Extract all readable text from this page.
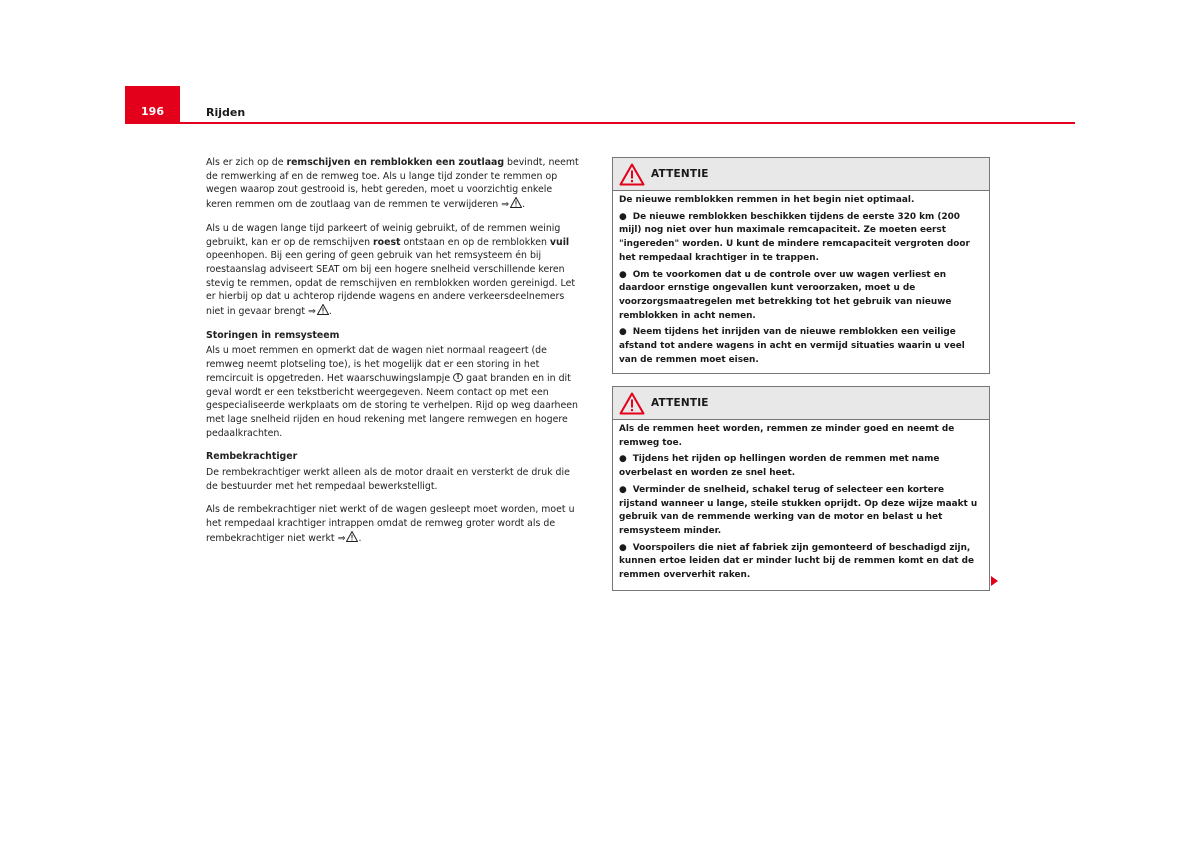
196	Rijden

Als er zich op de remschijven en remblokken een zoutlaag bevindt, neemt de remwerking af en de remweg toe. Als u lange tijd zonder te remmen op wegen waarop zout gestrooid is, hebt gereden, moet u voorzichtig enkele keren remmen om de zoutlaag van de remmen te verwijderen ⇒ .

Als u de wagen lange tijd parkeert of weinig gebruikt, of de remmen weinig gebruikt, kan er op de remschijven roest ontstaan en op de remblokken vuil opeenhopen. Bij een gering of geen gebruik van het remsysteem én bij roestaanslag adviseert SEAT om bij een hogere snelheid verschillende keren stevig te remmen, opdat de remschijven en remblokken worden gereinigd. Let er hierbij op dat u achterop rijdende wagens en andere verkeersdeelnemers niet in gevaar brengt ⇒ .

Storingen in remsysteem

Als u moet remmen en opmerkt dat de wagen niet normaal reageert (de remweg neemt plotseling toe), is het mogelijk dat er een storing in het remcircuit is opgetreden. Het waarschuwingslampje ! gaat branden en in dit geval wordt er een tekstbericht weergegeven. Neem contact op met een gespecialiseerde werkplaats om de storing te verhelpen. Rijd op weg daarheen met lage snelheid rijden en houd rekening met langere remwegen en hogere pedaalkrachten.

Rembekrachtiger

De rembekrachtiger werkt alleen als de motor draait en versterkt de druk die de bestuurder met het rempedaal bewerkstelligt.

Als de rembekrachtiger niet werkt of de wagen gesleept moet worden, moet u het rempedaal krachtiger intrappen omdat de remweg groter wordt als de rembekrachtiger niet werkt ⇒ .

ATTENTIE

De nieuwe remblokken remmen in het begin niet optimaal.

● De nieuwe remblokken beschikken tijdens de eerste 320 km (200 mijl) nog niet over hun maximale remcapaciteit. Ze moeten eerst "ingereden" worden. U kunt de mindere remcapaciteit vergroten door het rempedaal krachtiger in te trappen.

● Om te voorkomen dat u de controle over uw wagen verliest en daardoor ernstige ongevallen kunt veroorzaken, moet u de voorzorgsmaatregelen met betrekking tot het gebruik van nieuwe remblokken in acht nemen.

● Neem tijdens het inrijden van de nieuwe remblokken een veilige afstand tot andere wagens in acht en vermijd situaties waarin u veel van de remmen moet eisen.

ATTENTIE

Als de remmen heet worden, remmen ze minder goed en neemt de remweg toe.

● Tijdens het rijden op hellingen worden de remmen met name overbelast en worden ze snel heet.

● Verminder de snelheid, schakel terug of selecteer een kortere rijstand wanneer u lange, steile stukken oprijdt. Op deze wijze maakt u gebruik van de remmende werking van de motor en belast u het remsysteem minder.

● Voorspoilers die niet af fabriek zijn gemonteerd of beschadigd zijn, kunnen ertoe leiden dat er minder lucht bij de remmen komt en dat de remmen oververhit raken.
